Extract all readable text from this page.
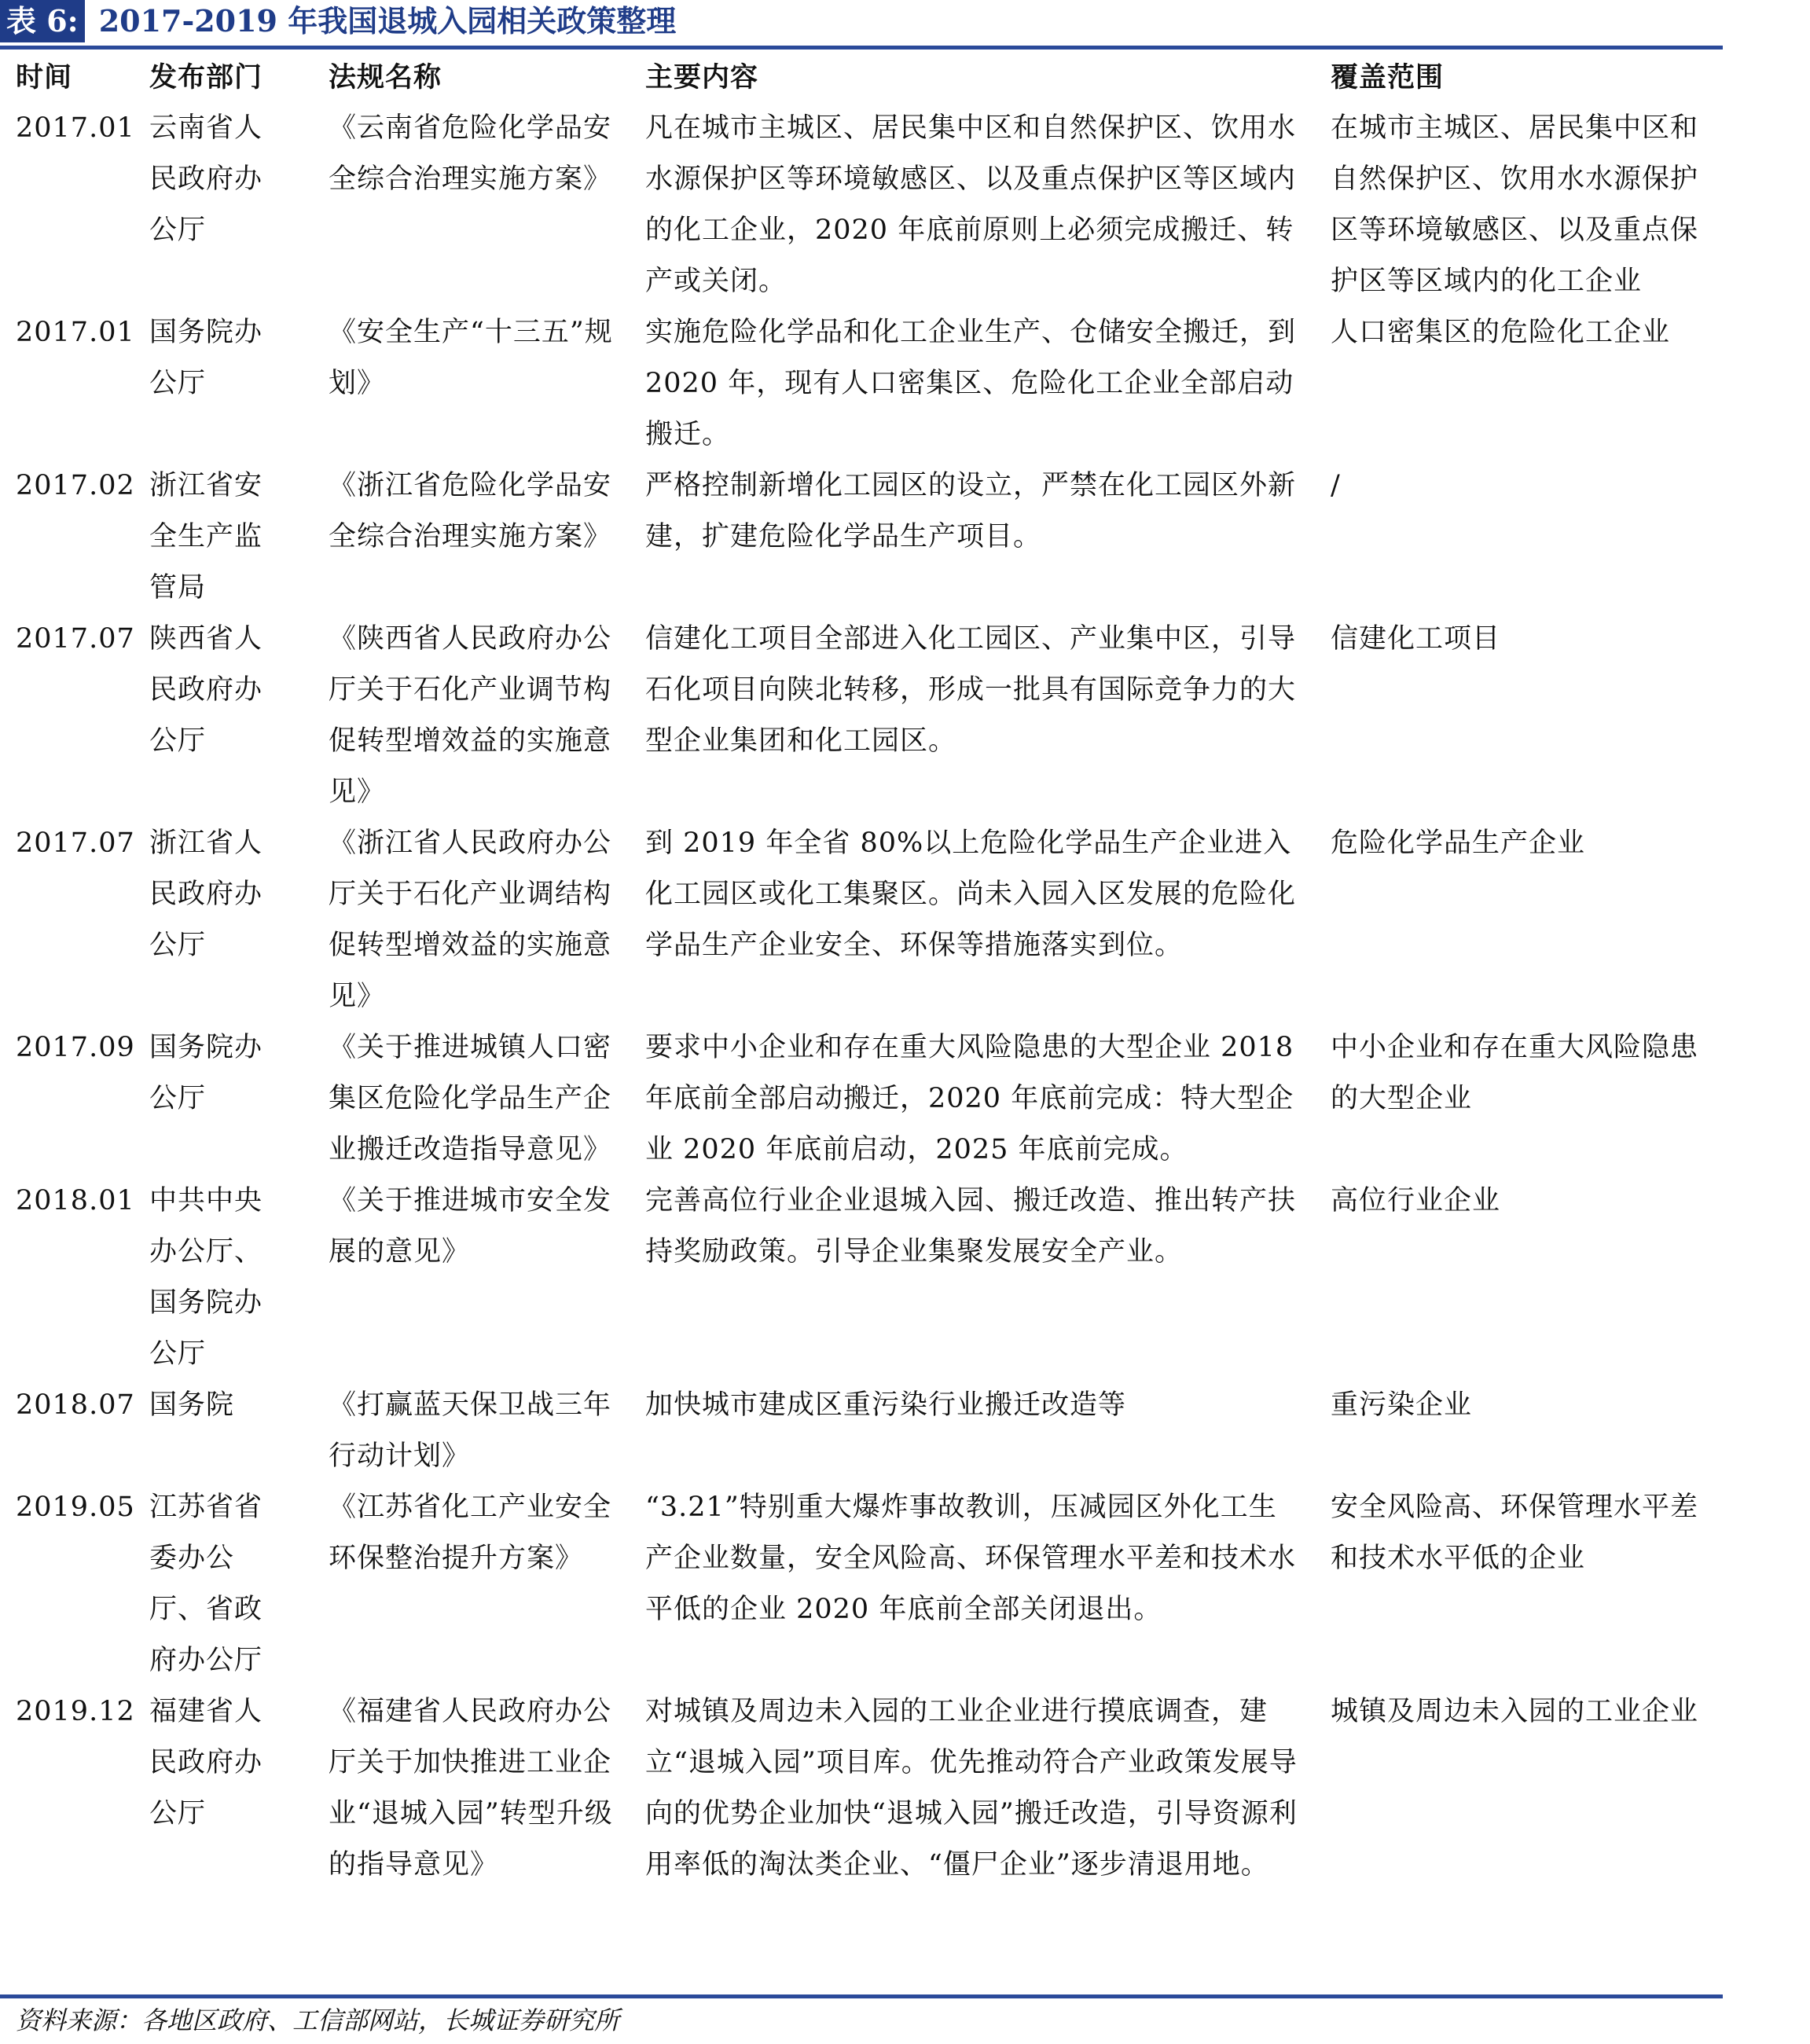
表 6: 2017-2019 年我国退城入园相关政策整理
时间	发布部门	法规名称	主要内容	覆盖范围
2017.01	云南省人民政府办公厅	《云南省危险化学品安全综合治理实施方案》	凡在城市主城区、居民集中区和自然保护区、饮用水水源保护区等环境敏感区、以及重点保护区等区域内的化工企业，2020 年底前原则上必须完成搬迁、转产或关闭。	在城市主城区、居民集中区和自然保护区、饮用水水源保护区等环境敏感区、以及重点保护区等区域内的化工企业

2017.01	国务院办公厅	《安全生产“十三五”规划》	实施危险化学品和化工企业生产、仓储安全搬迁，到 2020 年，现有人口密集区、危险化工企业全部启动搬迁。	人口密集区的危险化工企业

2017.02	浙江省安全生产监管局	《浙江省危险化学品安全综合治理实施方案》	严格控制新增化工园区的设立，严禁在化工园区外新建，扩建危险化学品生产项目。	/

2017.07	陕西省人民政府办公厅	《陕西省人民政府办公厅关于石化产业调节构促转型增效益的实施意见》	信建化工项目全部进入化工园区、产业集中区，引导石化项目向陕北转移，形成一批具有国际竞争力的大型企业集团和化工园区。	信建化工项目

2017.07	浙江省人民政府办公厅	《浙江省人民政府办公厅关于石化产业调结构促转型增效益的实施意见》	到 2019 年全省 80%以上危险化学品生产企业进入化工园区或化工集聚区。尚未入园入区发展的危险化学品生产企业安全、环保等措施落实到位。	危险化学品生产企业

2017.09	国务院办公厅	《关于推进城镇人口密集区危险化学品生产企业搬迁改造指导意见》	要求中小企业和存在重大风险隐患的大型企业 2018 年底前全部启动搬迁，2020 年底前完成：特大型企业 2020 年底前启动，2025 年底前完成。	中小企业和存在重大风险隐患的大型企业

2018.01	中共中央办公厅、国务院办公厅	《关于推进城市安全发展的意见》	完善高位行业企业退城入园、搬迁改造、推出转产扶持奖励政策。引导企业集聚发展安全产业。	高位行业企业

2018.07	国务院	《打赢蓝天保卫战三年行动计划》	加快城市建成区重污染行业搬迁改造等	重污染企业

2019.05	江苏省省委办公厅、省政府办公厅	《江苏省化工产业安全环保整治提升方案》	“3.21”特别重大爆炸事故教训，压减园区外化工生产企业数量，安全风险高、环保管理水平差和技术水平低的企业 2020 年底前全部关闭退出。	安全风险高、环保管理水平差和技术水平低的企业

2019.12	福建省人民政府办公厅	《福建省人民政府办公厅关于加快推进工业企业“退城入园”转型升级的指导意见》	对城镇及周边未入园的工业企业进行摸底调查，建立“退城入园”项目库。优先推动符合产业政策发展导向的优势企业加快“退城入园”搬迁改造，引导资源利用率低的淘汰类企业、“僵尸企业”逐步清退用地。	城镇及周边未入园的工业企业
资料来源：各地区政府、工信部网站，长城证券研究所
